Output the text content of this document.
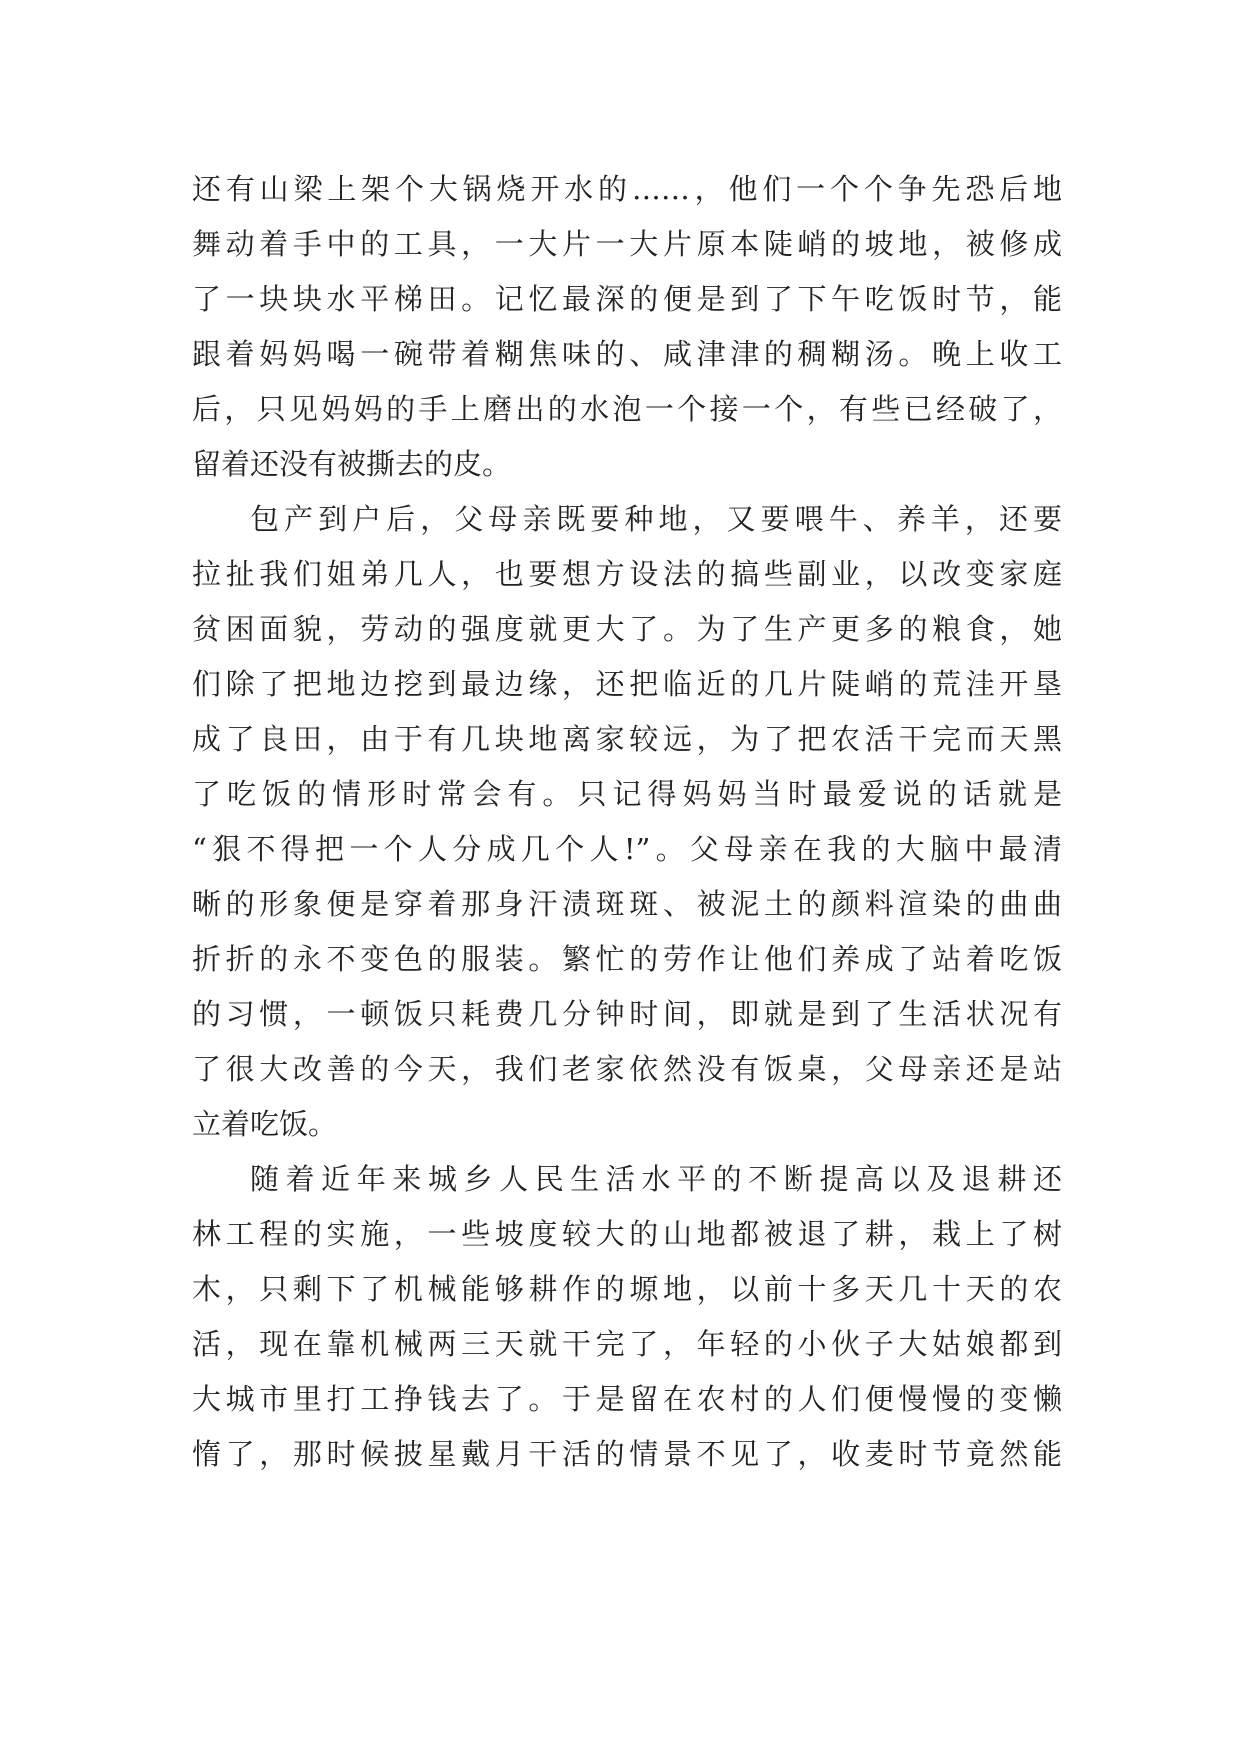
还有山梁上架个大锅烧开水的……，他们一个个争先恐后地
舞动着手中的工具，一大片一大片原本陡峭的坡地，被修成
了一块块水平梯田。记忆最深的便是到了下午吃饭时节，能
跟着妈妈喝一碗带着糊焦味的、咸津津的稠糊汤。晚上收工
后，只见妈妈的手上磨出的水泡一个接一个，有些已经破了，
留着还没有被撕去的皮。
包产到户后，父母亲既要种地，又要喂牛、养羊，还要
拉扯我们姐弟几人，也要想方设法的搞些副业，以改变家庭
贫困面貌，劳动的强度就更大了。为了生产更多的粮食，她
们除了把地边挖到最边缘，还把临近的几片陡峭的荒洼开垦
成了良田，由于有几块地离家较远，为了把农活干完而天黑
了吃饭的情形时常会有。只记得妈妈当时最爱说的话就是
“狠不得把一个人分成几个人!”。父母亲在我的大脑中最清
晰的形象便是穿着那身汗渍斑斑、被泥土的颜料渲染的曲曲
折折的永不变色的服装。繁忙的劳作让他们养成了站着吃饭
的习惯，一顿饭只耗费几分钟时间，即就是到了生活状况有
了很大改善的今天，我们老家依然没有饭桌，父母亲还是站
立着吃饭。
随着近年来城乡人民生活水平的不断提高以及退耕还
林工程的实施，一些坡度较大的山地都被退了耕，栽上了树
木，只剩下了机械能够耕作的塬地，以前十多天几十天的农
活，现在靠机械两三天就干完了，年轻的小伙子大姑娘都到
大城市里打工挣钱去了。于是留在农村的人们便慢慢的变懒
惰了，那时候披星戴月干活的情景不见了，收麦时节竟然能
